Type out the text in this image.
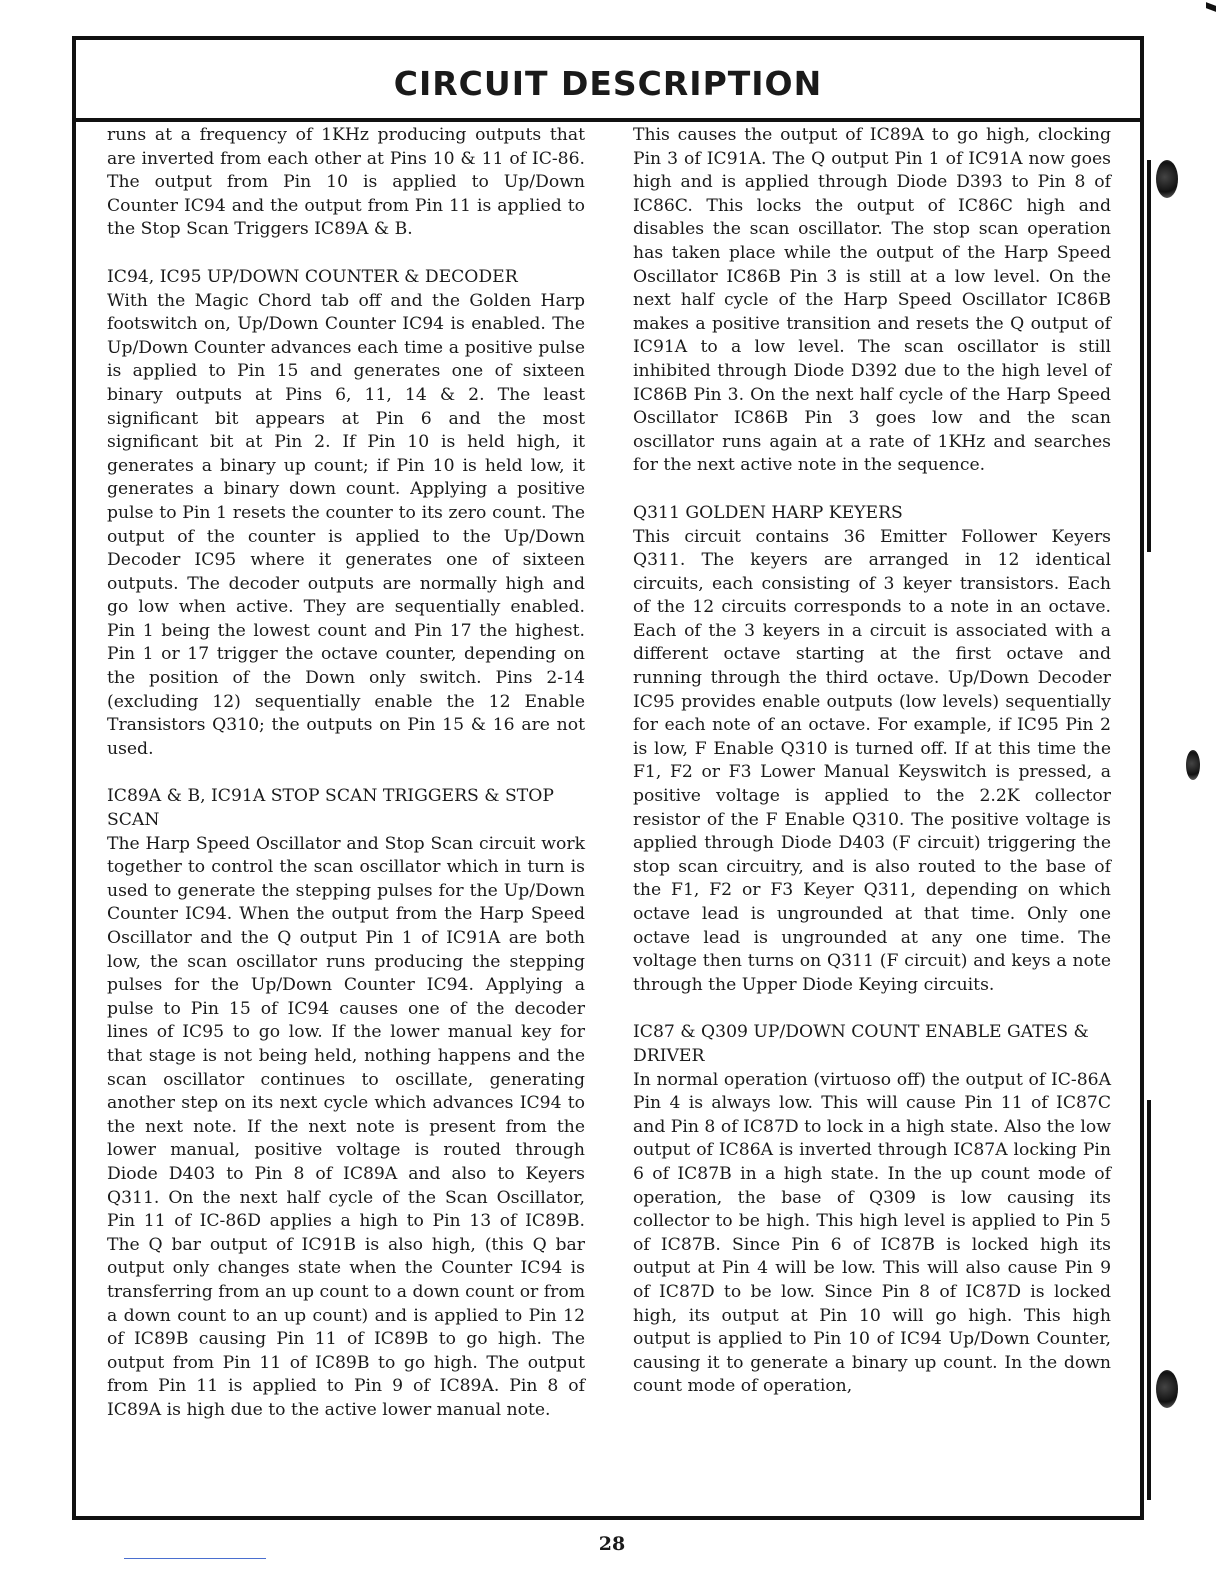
CIRCUIT DESCRIPTION

runs at a frequency of 1KHz producing outputs that are inverted from each other at Pins 10 & 11 of IC-86. The output from Pin 10 is applied to Up/Down Counter IC94 and the output from Pin 11 is applied to the Stop Scan Triggers IC89A & B.

IC94, IC95 UP/DOWN COUNTER & DECODER

With the Magic Chord tab off and the Golden Harp footswitch on, Up/Down Counter IC94 is enabled. The Up/Down Counter advances each time a positive pulse is applied to Pin 15 and generates one of sixteen binary outputs at Pins 6, 11, 14 & 2. The least significant bit appears at Pin 6 and the most significant bit at Pin 2. If Pin 10 is held high, it generates a binary up count; if Pin 10 is held low, it generates a binary down count. Applying a positive pulse to Pin 1 resets the counter to its zero count. The output of the counter is applied to the Up/Down Decoder IC95 where it generates one of sixteen outputs. The decoder outputs are normally high and go low when active. They are sequentially enabled. Pin 1 being the lowest count and Pin 17 the highest. Pin 1 or 17 trigger the octave counter, depending on the position of the Down only switch. Pins 2-14 (excluding 12) sequentially enable the 12 Enable Transistors Q310; the outputs on Pin 15 & 16 are not used.

IC89A & B, IC91A STOP SCAN TRIGGERS & STOP SCAN

The Harp Speed Oscillator and Stop Scan circuit work together to control the scan oscillator which in turn is used to generate the stepping pulses for the Up/Down Counter IC94. When the output from the Harp Speed Oscillator and the Q output Pin 1 of IC91A are both low, the scan oscillator runs producing the stepping pulses for the Up/Down Counter IC94. Applying a pulse to Pin 15 of IC94 causes one of the decoder lines of IC95 to go low. If the lower manual key for that stage is not being held, nothing happens and the scan oscillator continues to oscillate, generating another step on its next cycle which advances IC94 to the next note. If the next note is present from the lower manual, positive voltage is routed through Diode D403 to Pin 8 of IC89A and also to Keyers Q311. On the next half cycle of the Scan Oscillator, Pin 11 of IC-86D applies a high to Pin 13 of IC89B. The Q bar output of IC91B is also high, (this Q bar output only changes state when the Counter IC94 is transferring from an up count to a down count or from a down count to an up count) and is applied to Pin 12 of IC89B causing Pin 11 of IC89B to go high. The output from Pin 11 of IC89B to go high. The output from Pin 11 is applied to Pin 9 of IC89A. Pin 8 of IC89A is high due to the active lower manual note.

This causes the output of IC89A to go high, clocking Pin 3 of IC91A. The Q output Pin 1 of IC91A now goes high and is applied through Diode D393 to Pin 8 of IC86C. This locks the output of IC86C high and disables the scan oscillator. The stop scan operation has taken place while the output of the Harp Speed Oscillator IC86B Pin 3 is still at a low level. On the next half cycle of the Harp Speed Oscillator IC86B makes a positive transition and resets the Q output of IC91A to a low level. The scan oscillator is still inhibited through Diode D392 due to the high level of IC86B Pin 3. On the next half cycle of the Harp Speed Oscillator IC86B Pin 3 goes low and the scan oscillator runs again at a rate of 1KHz and searches for the next active note in the sequence.

Q311 GOLDEN HARP KEYERS

This circuit contains 36 Emitter Follower Keyers Q311. The keyers are arranged in 12 identical circuits, each consisting of 3 keyer transistors. Each of the 12 circuits corresponds to a note in an octave. Each of the 3 keyers in a circuit is associated with a different octave starting at the first octave and running through the third octave. Up/Down Decoder IC95 provides enable outputs (low levels) sequentially for each note of an octave. For example, if IC95 Pin 2 is low, F Enable Q310 is turned off. If at this time the F1, F2 or F3 Lower Manual Keyswitch is pressed, a positive voltage is applied to the 2.2K collector resistor of the F Enable Q310. The positive voltage is applied through Diode D403 (F circuit) triggering the stop scan circuitry, and is also routed to the base of the F1, F2 or F3 Keyer Q311, depending on which octave lead is ungrounded at that time. Only one octave lead is ungrounded at any one time. The voltage then turns on Q311 (F circuit) and keys a note through the Upper Diode Keying circuits.

IC87 & Q309 UP/DOWN COUNT ENABLE GATES & DRIVER

In normal operation (virtuoso off) the output of IC-86A Pin 4 is always low. This will cause Pin 11 of IC87C and Pin 8 of IC87D to lock in a high state. Also the low output of IC86A is inverted through IC87A locking Pin 6 of IC87B in a high state. In the up count mode of operation, the base of Q309 is low causing its collector to be high. This high level is applied to Pin 5 of IC87B. Since Pin 6 of IC87B is locked high its output at Pin 4 will be low. This will also cause Pin 9 of IC87D to be low. Since Pin 8 of IC87D is locked high, its output at Pin 10 will go high. This high output is applied to Pin 10 of IC94 Up/Down Counter, causing it to generate a binary up count. In the down count mode of operation,

28
